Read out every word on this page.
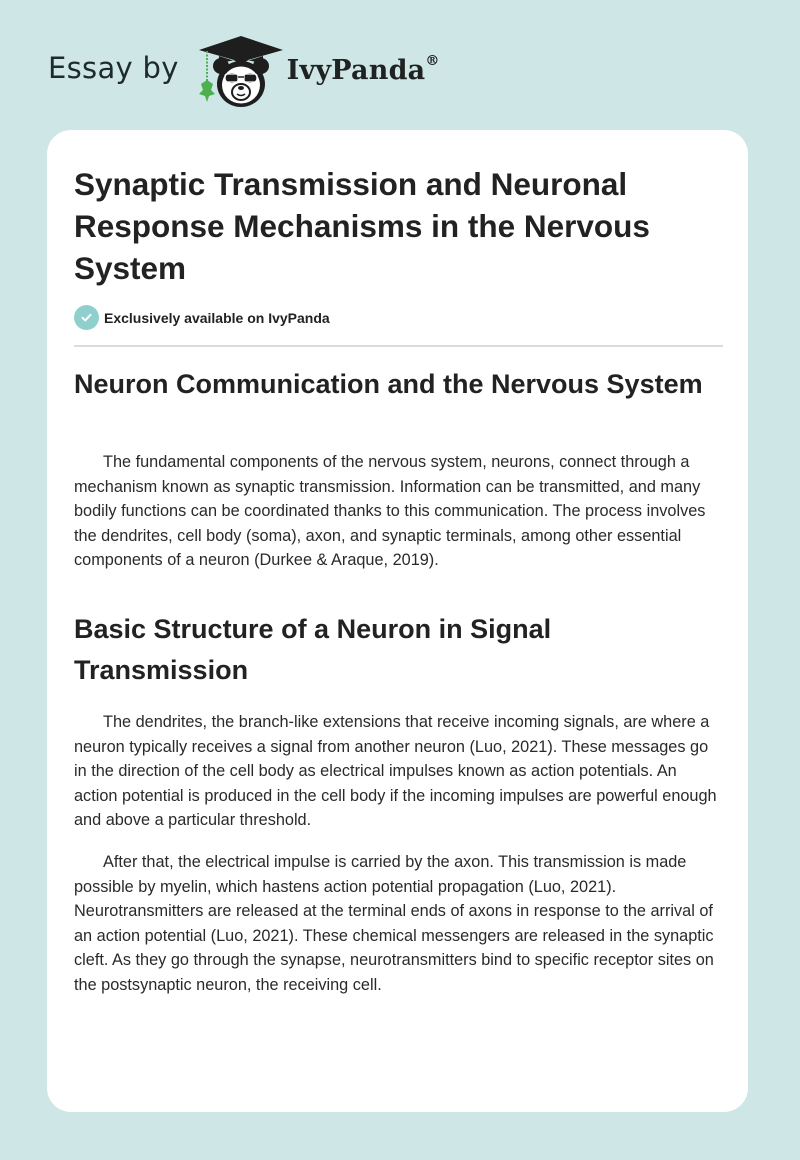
Essay by	IvyPanda®
Synaptic Transmission and Neuronal Response Mechanisms in the Nervous System
Exclusively available on IvyPanda
Neuron Communication and the Nervous System

The fundamental components of the nervous system, neurons, connect through a mechanism known as synaptic transmission. Information can be transmitted, and many bodily functions can be coordinated thanks to this communication. The process involves the dendrites, cell body (soma), axon, and synaptic terminals, among other essential components of a neuron (Durkee & Araque, 2019).

Basic Structure of a Neuron in Signal Transmission

The dendrites, the branch-like extensions that receive incoming signals, are where a neuron typically receives a signal from another neuron (Luo, 2021). These messages go in the direction of the cell body as electrical impulses known as action potentials. An action potential is produced in the cell body if the incoming impulses are powerful enough and above a particular threshold.

After that, the electrical impulse is carried by the axon. This transmission is made possible by myelin, which hastens action potential propagation (Luo, 2021). Neurotransmitters are released at the terminal ends of axons in response to the arrival of an action potential (Luo, 2021). These chemical messengers are released in the synaptic cleft. As they go through the synapse, neurotransmitters bind to specific receptor sites on the postsynaptic neuron, the receiving cell.
